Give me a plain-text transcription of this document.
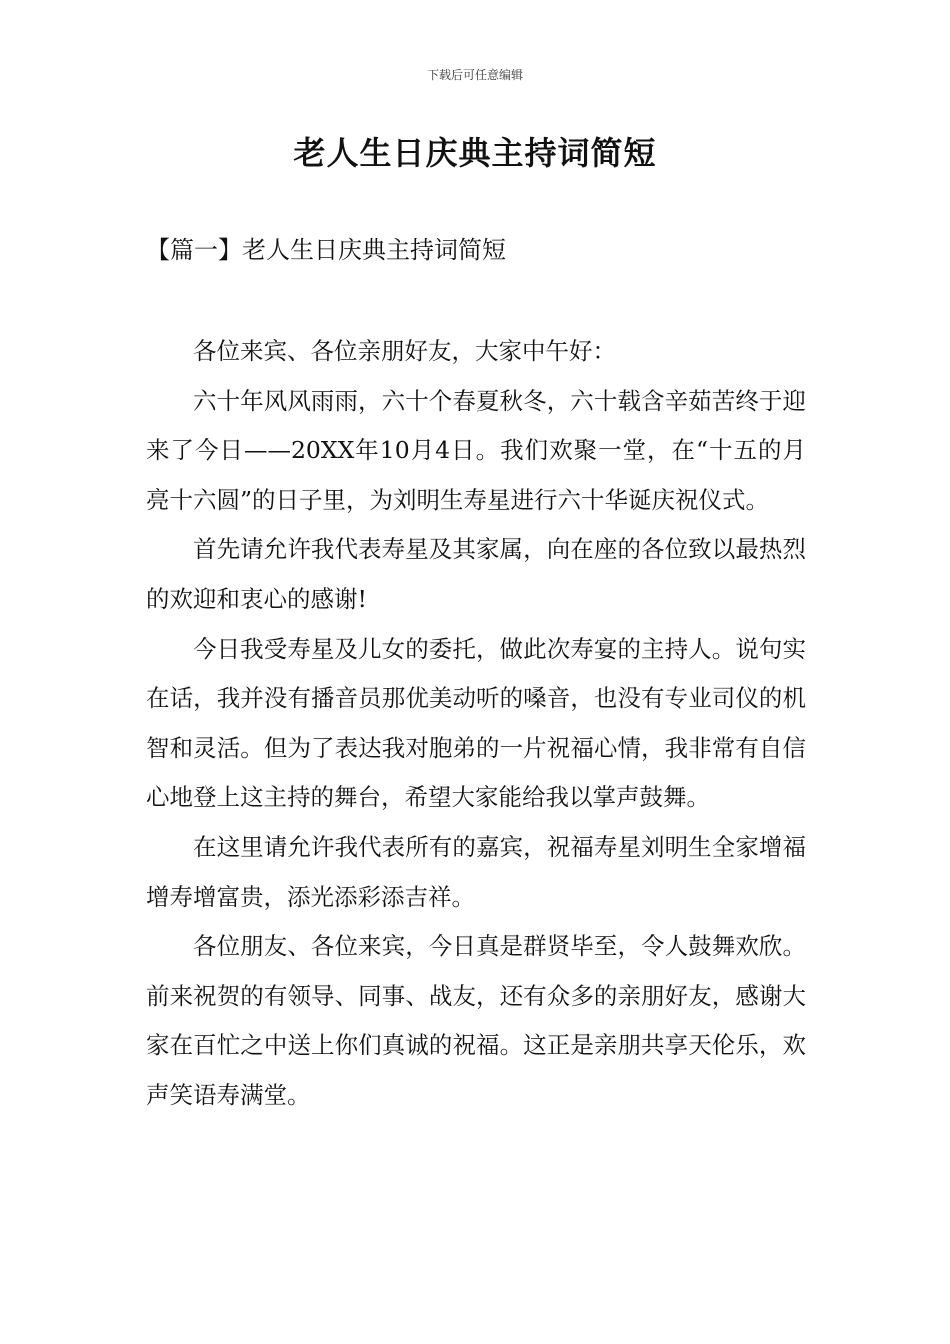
下载后可任意编辑
老人生日庆典主持词简短
【篇一】老人生日庆典主持词简短

各位来宾、各位亲朋好友，大家中午好：

六十年风风雨雨，六十个春夏秋冬，六十载含辛茹苦终于迎来了今日——20XX年10月4日。我们欢聚一堂，在“十五的月亮十六圆”的日子里，为刘明生寿星进行六十华诞庆祝仪式。

首先请允许我代表寿星及其家属，向在座的各位致以最热烈的欢迎和衷心的感谢!

今日我受寿星及儿女的委托，做此次寿宴的主持人。说句实在话，我并没有播音员那优美动听的嗓音，也没有专业司仪的机智和灵活。但为了表达我对胞弟的一片祝福心情，我非常有自信心地登上这主持的舞台，希望大家能给我以掌声鼓舞。

在这里请允许我代表所有的嘉宾，祝福寿星刘明生全家增福增寿增富贵，添光添彩添吉祥。

各位朋友、各位来宾，今日真是群贤毕至，令人鼓舞欢欣。前来祝贺的有领导、同事、战友，还有众多的亲朋好友，感谢大家在百忙之中送上你们真诚的祝福。这正是亲朋共享天伦乐，欢声笑语寿满堂。
